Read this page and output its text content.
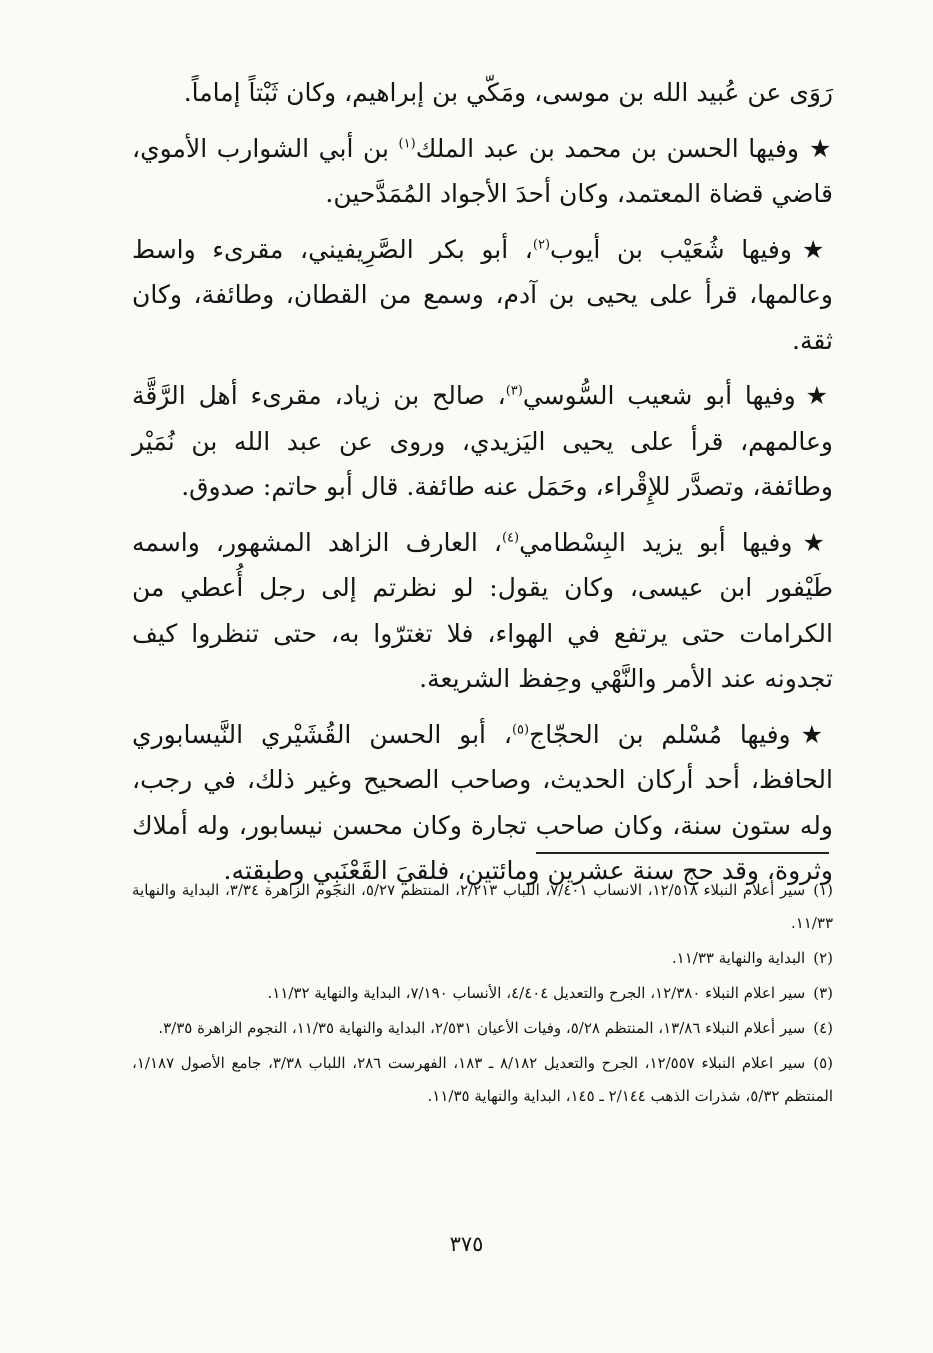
رَوَى عن عُبيد الله بن موسى، ومَكّي بن إبراهيم، وكان ثَبْتاً إماماً.

★وفيها الحسن بن محمد بن عبد الملك$^{(١)}$ بن أبي الشوارب الأموي، قاضي قضاة المعتمد، وكان أحدَ الأجواد المُمَدَّحين.

★وفيها شُعَيْب بن أيوب$^{(٢)}$، أبو بكر الصَّرِيفيني، مقرىء واسط وعالمها، قرأ على يحيى بن آدم، وسمع من القطان، وطائفة، وكان ثقة.

★وفيها أبو شعيب السُّوسي$^{(٣)}$، صالح بن زياد، مقرىء أهل الرَّقَّة وعالمهم، قرأ على يحيى اليَزيدي، وروى عن عبد الله بن نُمَيْر وطائفة، وتصدَّر للإِقْراء، وحَمَل عنه طائفة. قال أبو حاتم: صدوق.

★وفيها أبو يزيد البِسْطامي$^{(٤)}$، العارف الزاهد المشهور، واسمه طَيْفور ابن عيسى، وكان يقول: لو نظرتم إلى رجل أُعطي من الكرامات حتى يرتفع في الهواء، فلا تغترّوا به، حتى تنظروا كيف تجدونه عند الأمر والنَّهْي وحِفظ الشريعة.

★وفيها مُسْلم بن الحجّاج$^{(٥)}$، أبو الحسن القُشَيْري النَّيسابوري الحافظ، أحد أركان الحديث، وصاحب الصحيح وغير ذلك، في رجب، وله ستون سنة، وكان صاحب تجارة وكان محسن نيسابور، وله أملاك وثروة، وقد حج سنة عشرين ومائتين، فلقيَ القَعْنَبِي وطبقته.

(١)سير أعلام النبلاء ١٢/٥١٨، الانساب ٧/٤٠١، اللباب ٢/٢١٣، المنتظم ٥/٢٧، النجوم الزاهرة ٣/٣٤، البداية والنهاية ١١/٣٣.

(٢)البداية والنهاية ١١/٣٣.

(٣)سير اعلام النبلاء ١٢/٣٨٠، الجرح والتعديل ٤/٤٠٤، الأنساب ٧/١٩٠، البداية والنهاية ١١/٣٢.

(٤)سير أعلام النبلاء ١٣/٨٦، المنتظم ٥/٢٨، وفيات الأعيان ٢/٥٣١، البداية والنهاية ١١/٣٥، النجوم الزاهرة ٣/٣٥.

(٥)سير اعلام النبلاء ١٢/٥٥٧، الجرح والتعديل ٨/١٨٢ ـ ١٨٣، الفهرست ٢٨٦، اللباب ٣/٣٨، جامع الأصول ١/١٨٧، المنتظم ٥/٣٢، شذرات الذهب ٢/١٤٤ ـ ١٤٥، البداية والنهاية ١١/٣٥.

٣٧٥
